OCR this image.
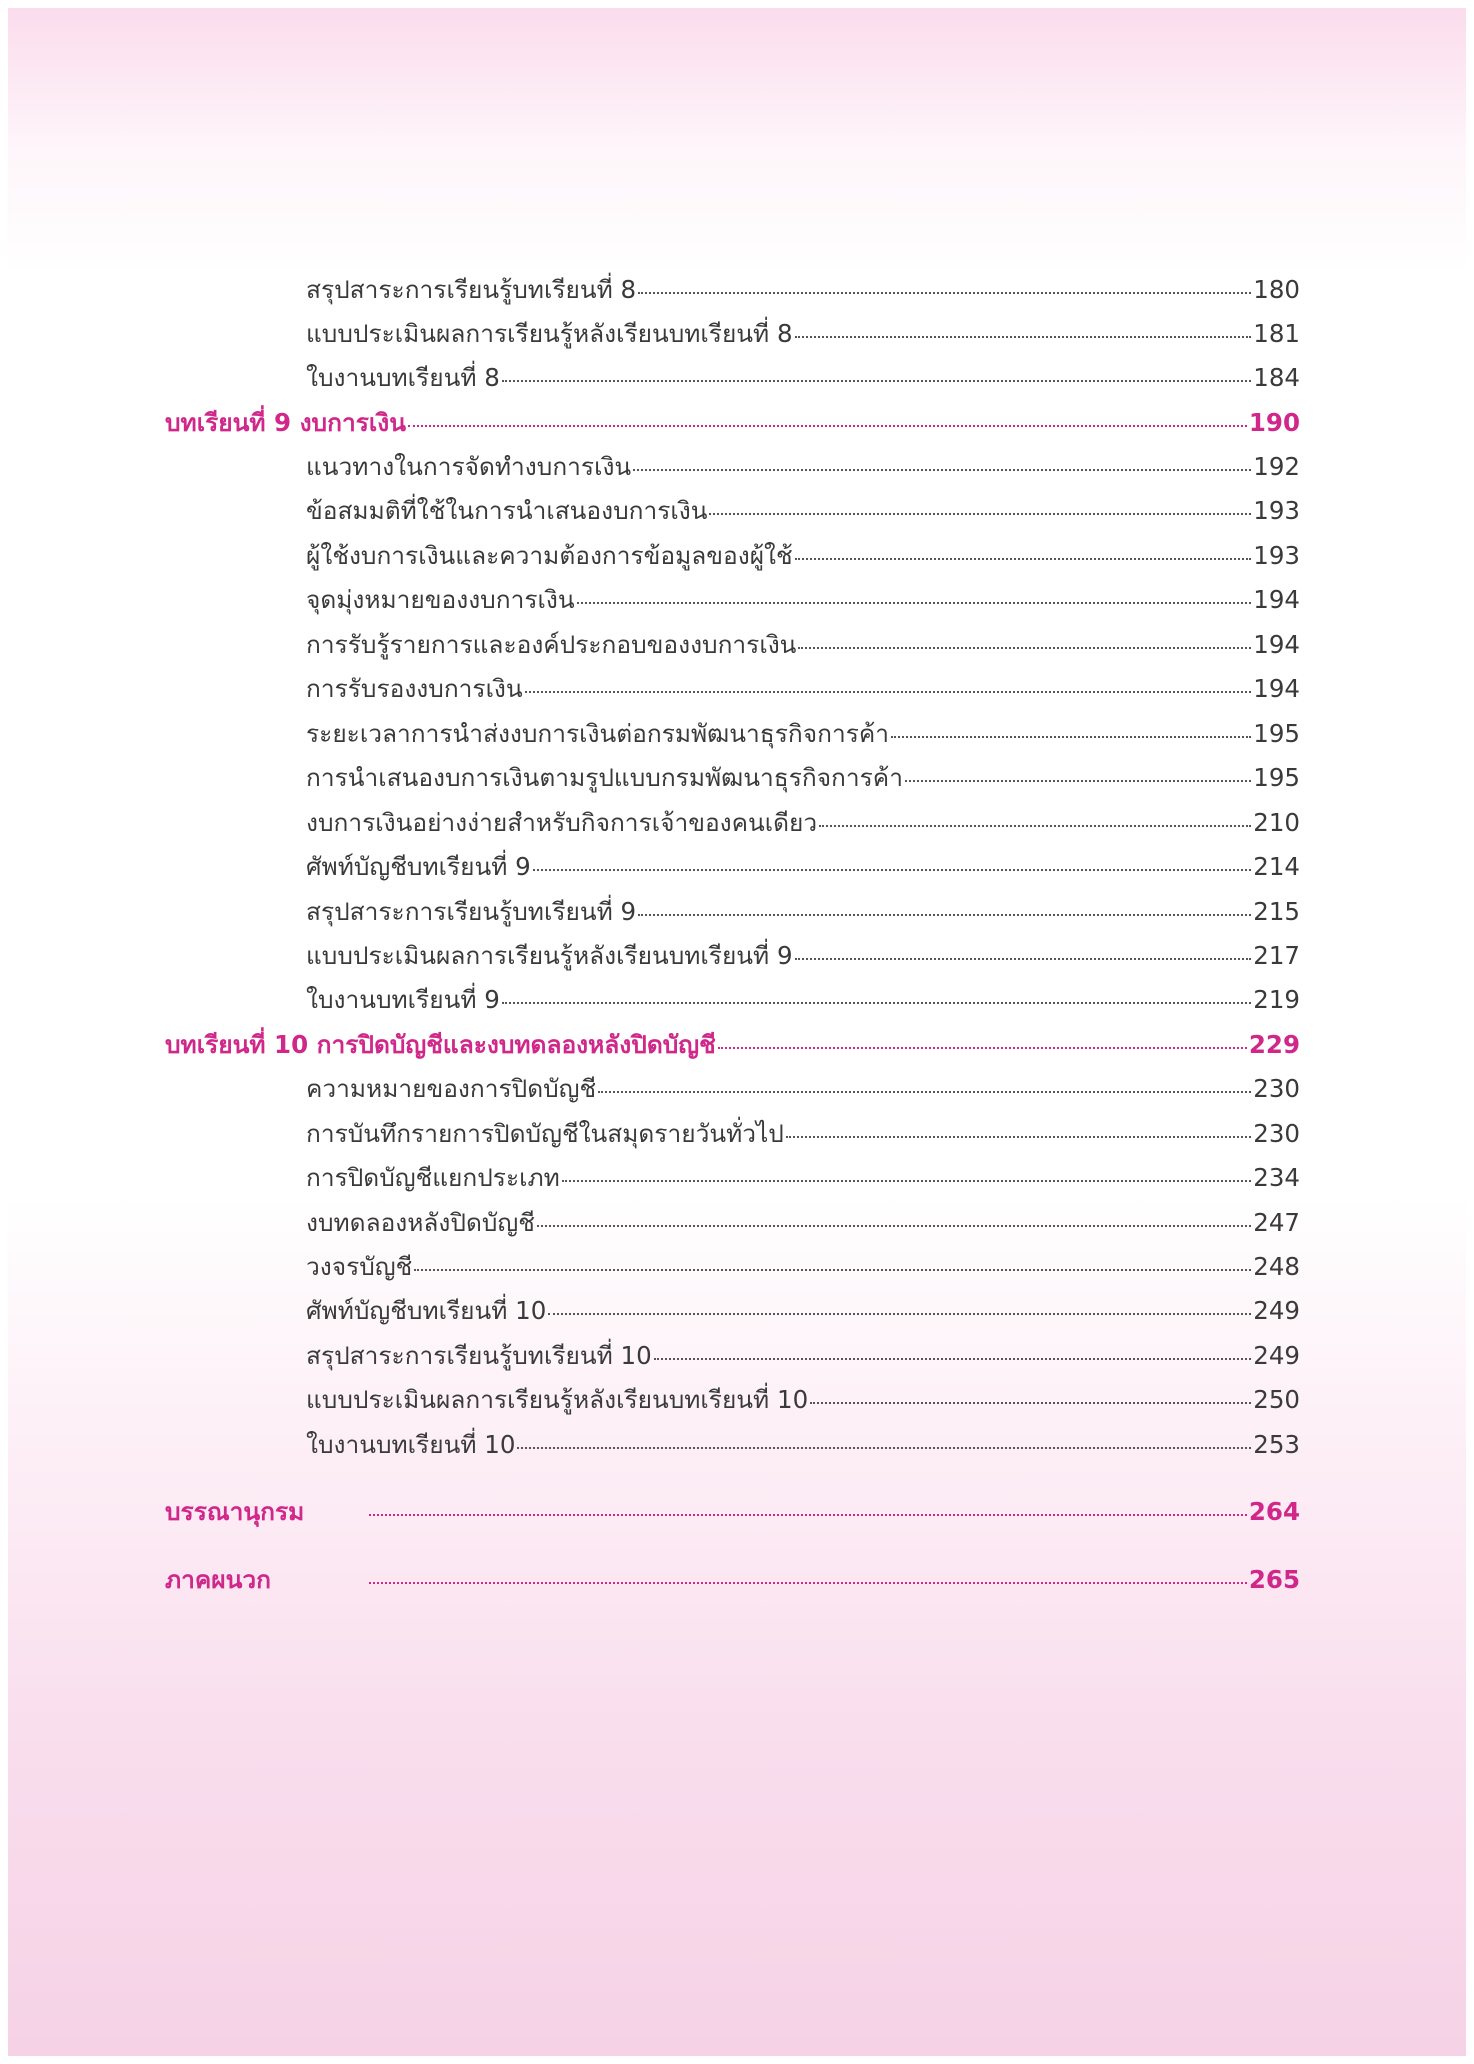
สรุปสาระการเรียนรู้บทเรียนที่ 8	180
แบบประเมินผลการเรียนรู้หลังเรียนบทเรียนที่ 8	181
ใบงานบทเรียนที่ 8	184
บทเรียนที่ 9 งบการเงิน	190
แนวทางในการจัดทำงบการเงิน	192
ข้อสมมติที่ใช้ในการนำเสนองบการเงิน	193
ผู้ใช้งบการเงินและความต้องการข้อมูลของผู้ใช้	193
จุดมุ่งหมายของงบการเงิน	194
การรับรู้รายการและองค์ประกอบของงบการเงิน	194
การรับรองงบการเงิน	194
ระยะเวลาการนำส่งงบการเงินต่อกรมพัฒนาธุรกิจการค้า	195
การนำเสนองบการเงินตามรูปแบบกรมพัฒนาธุรกิจการค้า	195
งบการเงินอย่างง่ายสำหรับกิจการเจ้าของคนเดียว	210
ศัพท์บัญชีบทเรียนที่ 9	214
สรุปสาระการเรียนรู้บทเรียนที่ 9	215
แบบประเมินผลการเรียนรู้หลังเรียนบทเรียนที่ 9	217
ใบงานบทเรียนที่ 9	219
บทเรียนที่ 10 การปิดบัญชีและงบทดลองหลังปิดบัญชี	229
ความหมายของการปิดบัญชี	230
การบันทึกรายการปิดบัญชีในสมุดรายวันทั่วไป	230
การปิดบัญชีแยกประเภท	234
งบทดลองหลังปิดบัญชี	247
วงจรบัญชี	248
ศัพท์บัญชีบทเรียนที่ 10	249
สรุปสาระการเรียนรู้บทเรียนที่ 10	249
แบบประเมินผลการเรียนรู้หลังเรียนบทเรียนที่ 10	250
ใบงานบทเรียนที่ 10	253
บรรณานุกรม	264
ภาคผนวก	265
